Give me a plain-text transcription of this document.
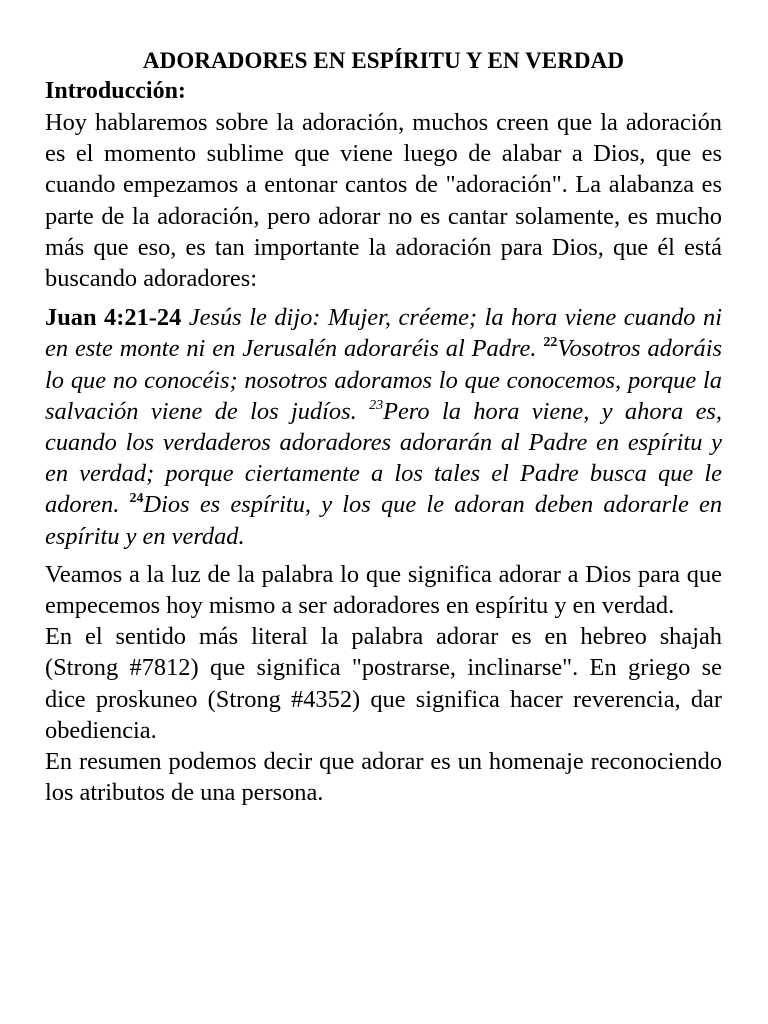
ADORADORES EN ESPÍRITU Y EN VERDAD
Introducción:

Hoy hablaremos sobre la adoración, muchos creen que la adoración es el momento sublime que viene luego de alabar a Dios, que es cuando empezamos a entonar cantos de "adoración". La alabanza es parte de la adoración, pero adorar no es cantar solamente, es mucho más que eso, es tan importante la adoración para Dios, que él está buscando adoradores:

Juan 4:21-24 Jesús le dijo: Mujer, créeme; la hora viene cuando ni en este monte ni en Jerusalén adoraréis al Padre. $^{22}$Vosotros adoráis lo que no conocéis; nosotros adoramos lo que conocemos, porque la salvación viene de los judíos. $^{23}$Pero la hora viene, y ahora es, cuando los verdaderos adoradores adorarán al Padre en espíritu y en verdad; porque ciertamente a los tales el Padre busca que le adoren. $^{24}$Dios es espíritu, y los que le adoran deben adorarle en espíritu y en verdad.

Veamos a la luz de la palabra lo que significa adorar a Dios para que empecemos hoy mismo a ser adoradores en espíritu y en verdad.

En el sentido más literal la palabra adorar es en hebreo shajah (Strong #7812) que significa "postrarse, inclinarse". En griego se dice proskuneo (Strong #4352) que significa hacer reverencia, dar obediencia.

En resumen podemos decir que adorar es un homenaje reconociendo los atributos de una persona.
